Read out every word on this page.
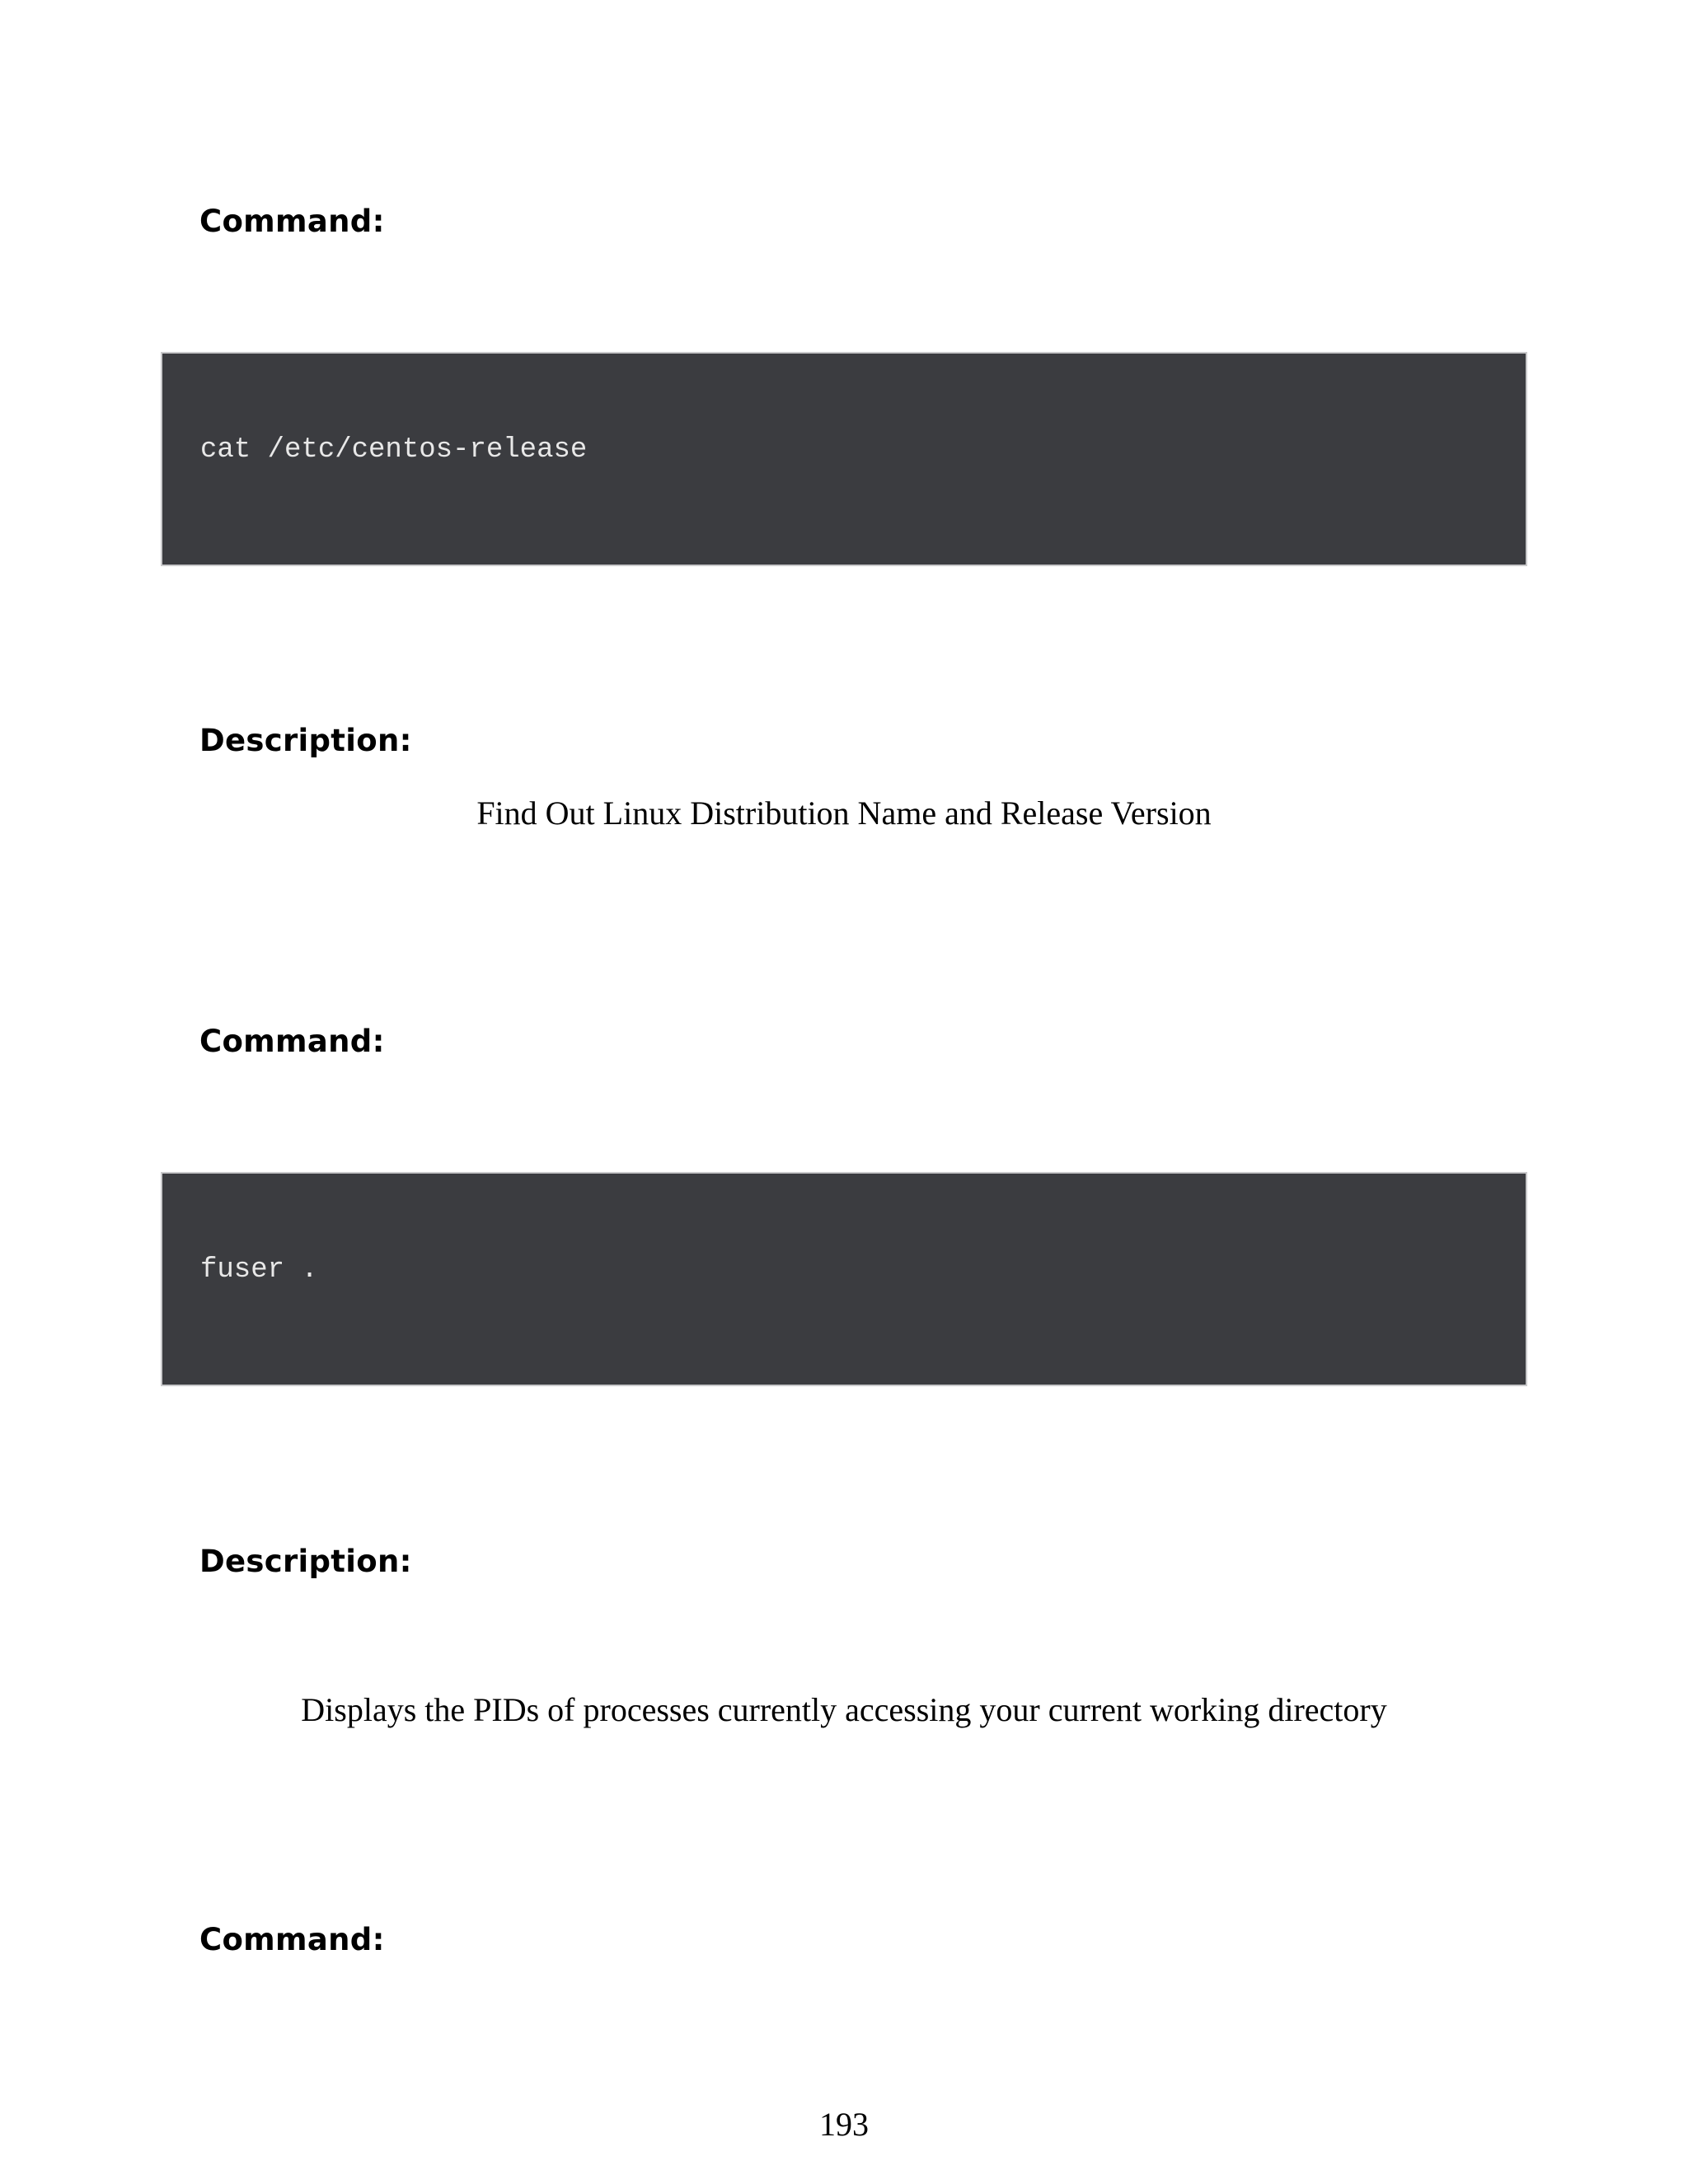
Command:
cat /etc/centos-release
Description:
Find Out Linux Distribution Name and Release Version
Command:
fuser .
Description:
Displays the PIDs of processes currently accessing your current working directory
Command:
193
